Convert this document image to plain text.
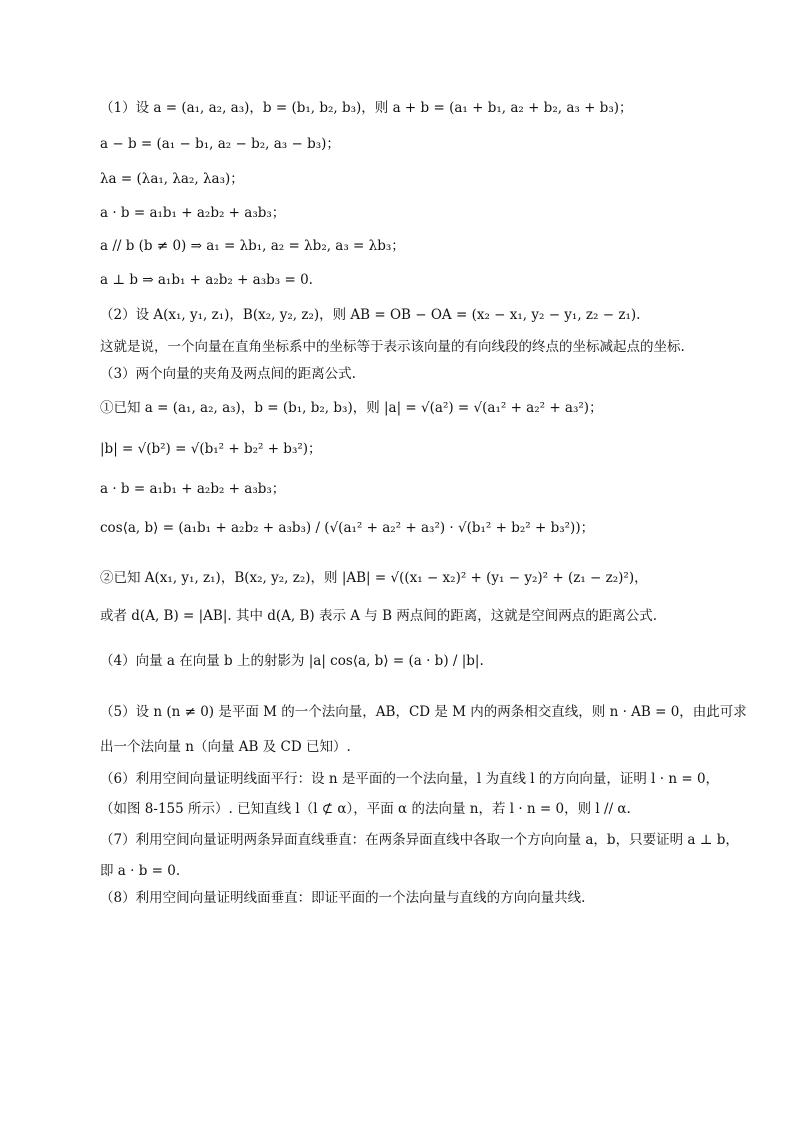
（1）设 a = (a₁, a₂, a₃)，b = (b₁, b₂, b₃)，则 a + b = (a₁ + b₁, a₂ + b₂, a₃ + b₃)；
a − b = (a₁ − b₁, a₂ − b₂, a₃ − b₃)；
λa = (λa₁, λa₂, λa₃)；
a · b = a₁b₁ + a₂b₂ + a₃b₃；
a // b (b ≠ 0) ⇒ a₁ = λb₁, a₂ = λb₂, a₃ = λb₃；
a ⊥ b ⇒ a₁b₁ + a₂b₂ + a₃b₃ = 0.
（2）设 A(x₁, y₁, z₁)，B(x₂, y₂, z₂)，则 AB = OB − OA = (x₂ − x₁, y₂ − y₁, z₂ − z₁).
这就是说，一个向量在直角坐标系中的坐标等于表示该向量的有向线段的终点的坐标减起点的坐标.
（3）两个向量的夹角及两点间的距离公式.
①已知 a = (a₁, a₂, a₃)，b = (b₁, b₂, b₃)，则 |a| = √(a²) = √(a₁² + a₂² + a₃²)；
|b| = √(b²) = √(b₁² + b₂² + b₃²)；
a · b = a₁b₁ + a₂b₂ + a₃b₃；
cos⟨a, b⟩ = (a₁b₁ + a₂b₂ + a₃b₃) / (√(a₁² + a₂² + a₃²) · √(b₁² + b₂² + b₃²))；
②已知 A(x₁, y₁, z₁)，B(x₂, y₂, z₂)，则 |AB| = √((x₁ − x₂)² + (y₁ − y₂)² + (z₁ − z₂)²)，
或者 d(A, B) = |AB|. 其中 d(A, B) 表示 A 与 B 两点间的距离，这就是空间两点的距离公式.
（4）向量 a 在向量 b 上的射影为 |a| cos⟨a, b⟩ = (a · b) / |b|.
（5）设 n (n ≠ 0) 是平面 M 的一个法向量，AB，CD 是 M 内的两条相交直线，则 n · AB = 0，由此可求
出一个法向量 n（向量 AB 及 CD 已知）.
（6）利用空间向量证明线面平行：设 n 是平面的一个法向量，l 为直线 l 的方向向量，证明 l · n = 0，
（如图 8-155 所示）. 已知直线 l（l ⊄ α），平面 α 的法向量 n，若 l · n = 0，则 l // α.
（7）利用空间向量证明两条异面直线垂直：在两条异面直线中各取一个方向向量 a，b，只要证明 a ⊥ b，
即 a · b = 0.
（8）利用空间向量证明线面垂直：即证平面的一个法向量与直线的方向向量共线.
